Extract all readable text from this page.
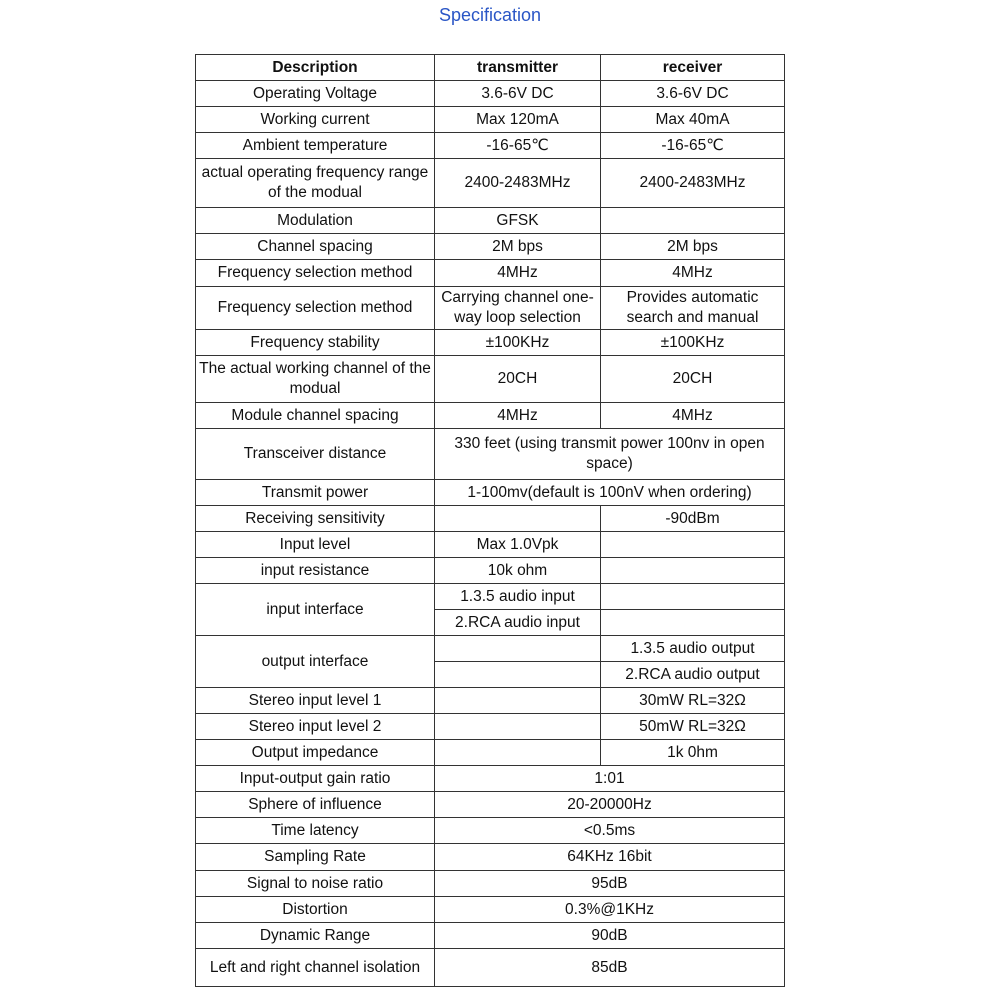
Specification
Description	transmitter	receiver
Operating Voltage	3.6-6V DC	3.6-6V DC
Working current	Max 120mA	Max 40mA
Ambient temperature	-16-65℃	-16-65℃
actual operating frequency range of the modual	2400-2483MHz	2400-2483MHz
Modulation	GFSK	
Channel spacing	2M bps	2M bps
Frequency selection method	4MHz	4MHz
Frequency selection method	Carrying channel one-way loop selection	Provides automatic search and manual
Frequency stability	±100KHz	±100KHz
The actual working channel of the modual	20CH	20CH
Module channel spacing	4MHz	4MHz
Transceiver distance	330 feet (using transmit power 100nv in open space)	
Transmit power	1-100mv(default is 100nV when ordering)	
Receiving sensitivity		-90dBm
Input level	Max 1.0Vpk	
input resistance	10k ohm	
input interface	1.3.5 audio input	
	2.RCA audio input	
output interface		1.3.5 audio output
		2.RCA audio output
Stereo input level 1		30mW RL=32Ω
Stereo input level 2		50mW RL=32Ω
Output impedance		1k 0hm
Input-output gain ratio	1:01	
Sphere of influence	20-20000Hz	
Time latency	<0.5ms	
Sampling Rate	64KHz 16bit	
Signal to noise ratio	95dB	
Distortion	0.3%@1KHz	
Dynamic Range	90dB	
Left and right channel isolation	85dB	
